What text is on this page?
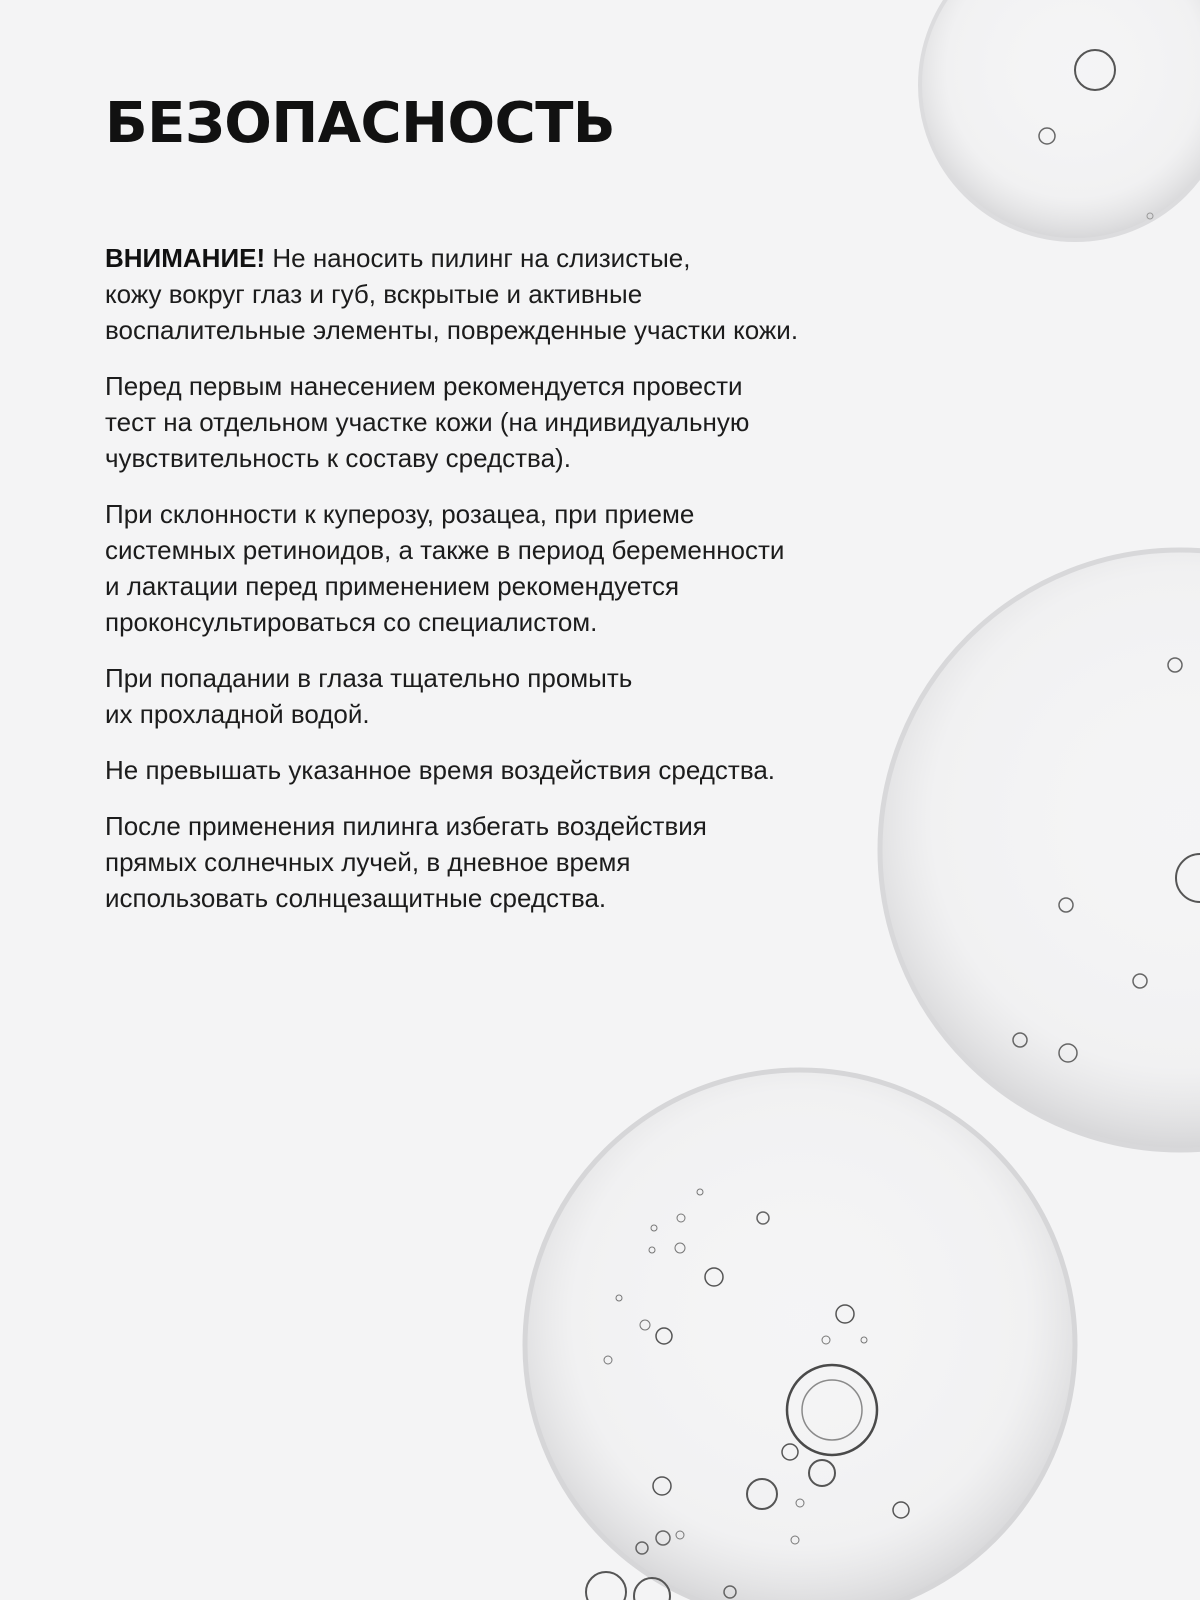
БЕЗОПАСНОСТЬ

ВНИМАНИЕ! Не наносить пилинг на слизистые,
кожу вокруг глаз и губ, вскрытые и активные
воспалительные элементы, поврежденные участки кожи.

Перед первым нанесением рекомендуется провести
тест на отдельном участке кожи (на индивидуальную
чувствительность к составу средства).

При склонности к куперозу, розацеа, при приеме
системных ретиноидов, а также в период беременности
и лактации перед применением рекомендуется
проконсультироваться со специалистом.

При попадании в глаза тщательно промыть
их прохладной водой.

Не превышать указанное время воздействия средства.

После применения пилинга избегать воздействия
прямых солнечных лучей, в дневное время
использовать солнцезащитные средства.
